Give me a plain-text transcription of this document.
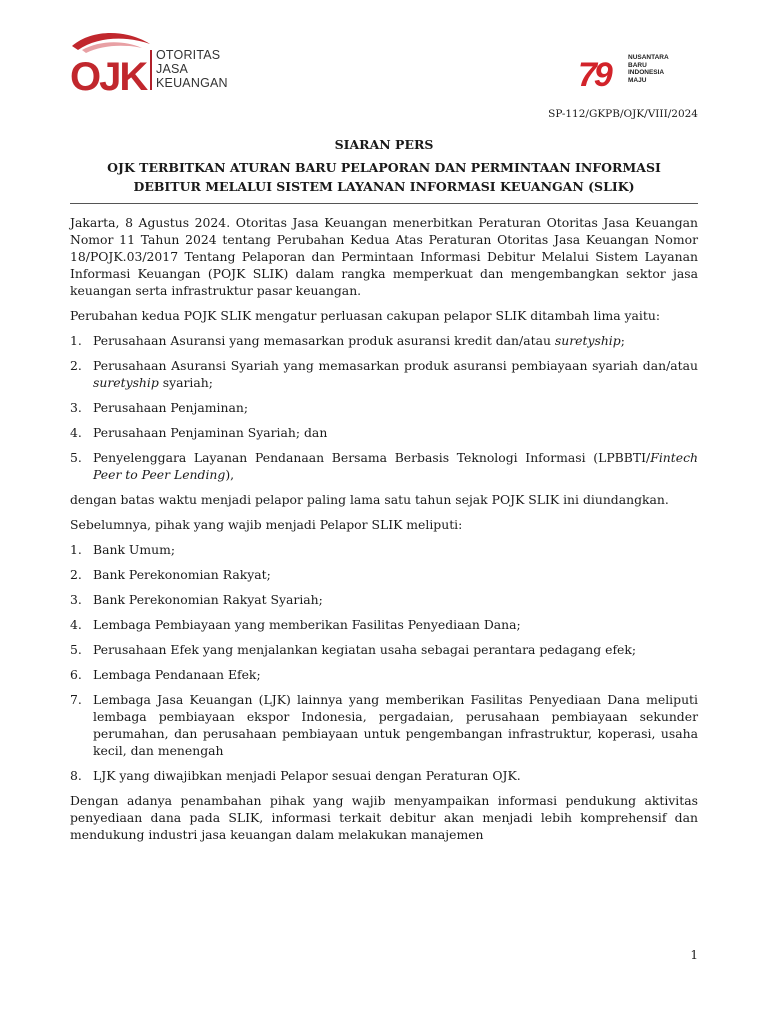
OJK OTORITAS
JASA
KEUANGAN	79	NUSANTARA
BARU
INDONESIA
MAJU
SP-112/GKPB/OJK/VIII/2024
SIARAN PERS
OJK TERBITKAN ATURAN BARU PELAPORAN DAN PERMINTAAN INFORMASI
DEBITUR MELALUI SISTEM LAYANAN INFORMASI KEUANGAN (SLIK)

Jakarta, 8 Agustus 2024. Otoritas Jasa Keuangan menerbitkan Peraturan Otoritas Jasa Keuangan Nomor 11 Tahun 2024 tentang Perubahan Kedua Atas Peraturan Otoritas Jasa Keuangan Nomor 18/POJK.03/2017 Tentang Pelaporan dan Permintaan Informasi Debitur Melalui Sistem Layanan Informasi Keuangan (POJK SLIK) dalam rangka memperkuat dan mengembangkan sektor jasa keuangan serta infrastruktur pasar keuangan.

Perubahan kedua POJK SLIK mengatur perluasan cakupan pelapor SLIK ditambah lima yaitu:

1. Perusahaan Asuransi yang memasarkan produk asuransi kredit dan/atau suretyship;
2. Perusahaan Asuransi Syariah yang memasarkan produk asuransi pembiayaan syariah dan/atau suretyship syariah;
3. Perusahaan Penjaminan;
4. Perusahaan Penjaminan Syariah; dan
5. Penyelenggara Layanan Pendanaan Bersama Berbasis Teknologi Informasi (LPBBTI/Fintech Peer to Peer Lending),

dengan batas waktu menjadi pelapor paling lama satu tahun sejak POJK SLIK ini diundangkan.

Sebelumnya, pihak yang wajib menjadi Pelapor SLIK meliputi:

1. Bank Umum;
2. Bank Perekonomian Rakyat;
3. Bank Perekonomian Rakyat Syariah;
4. Lembaga Pembiayaan yang memberikan Fasilitas Penyediaan Dana;
5. Perusahaan Efek yang menjalankan kegiatan usaha sebagai perantara pedagang efek;
6. Lembaga Pendanaan Efek;
7. Lembaga Jasa Keuangan (LJK) lainnya yang memberikan Fasilitas Penyediaan Dana meliputi lembaga pembiayaan ekspor Indonesia, pergadaian, perusahaan pembiayaan sekunder perumahan, dan perusahaan pembiayaan untuk pengembangan infrastruktur, koperasi, usaha kecil, dan menengah
8. LJK yang diwajibkan menjadi Pelapor sesuai dengan Peraturan OJK.

Dengan adanya penambahan pihak yang wajib menyampaikan informasi pendukung aktivitas penyediaan dana pada SLIK, informasi terkait debitur akan menjadi lebih komprehensif dan mendukung industri jasa keuangan dalam melakukan manajemen

1
